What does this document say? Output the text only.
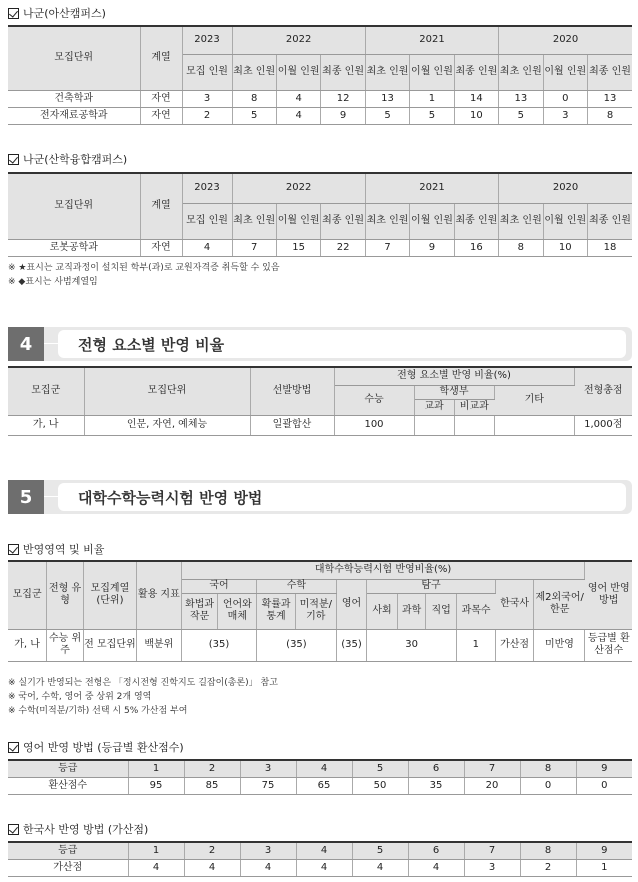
나군(아산캠퍼스)
모집단위	계열	2023	2022			2021			2020		
		모집 인원	최초 인원	이월 인원	최종 인원	최초 인원	이월 인원	최종 인원	최초 인원	이월 인원	최종 인원
건축학과	자연	3	8	4	12	13	1	14	13	0	13
전자재료공학과	자연	2	5	4	9	5	5	10	5	3	8
나군(산학융합캠퍼스)
모집단위	계열	2023	2022			2021			2020		
		모집 인원	최초 인원	이월 인원	최종 인원	최초 인원	이월 인원	최종 인원	최초 인원	이월 인원	최종 인원
로봇공학과	자연	4	7	15	22	7	9	16	8	10	18
※ ★표시는 교직과정이 설치된 학부(과)로 교원자격증 취득할 수 있음
※ ◆표시는 사범계열임
4	전형 요소별 반영 비율
모집군	모집단위	선발방법	전형 요소별 반영 비율(%)				전형총점
			수능	학생부		기타	
				교과	비교과		
가, 나	인문, 자연, 예체능	일괄합산	100				1,000점
5	대학수학능력시험 반영 방법
반영영역 및 비율
모집군	전형 유형	모집계열 (단위)	활용 지표	대학수학능력시험 반영비율(%)											영어 반영 방법
				국어		수학		영어	탐구				한국사	제2외국어/ 한문	
				화법과 작문	언어와 매체	확률과 통계	미적분/ 기하		사회	과학	직업	과목수			
가, 나	수능 위주	전 모집단위	백분위	(35)		(35)		(35)	30			1	가산점	미반영	등급별 환산점수
※ 실기가 반영되는 전형은 「정시전형 진학지도 길잡이(총론)」 참고
※ 국어, 수학, 영어 중 상위 2개 영역
※ 수학(미적분/기하) 선택 시 5% 가산점 부여
영어 반영 방법 (등급별 환산점수)
등급	1	2	3	4	5	6	7	8	9
환산점수	95	85	75	65	50	35	20	0	0
한국사 반영 방법 (가산점)
등급	1	2	3	4	5	6	7	8	9
가산점	4	4	4	4	4	4	3	2	1
